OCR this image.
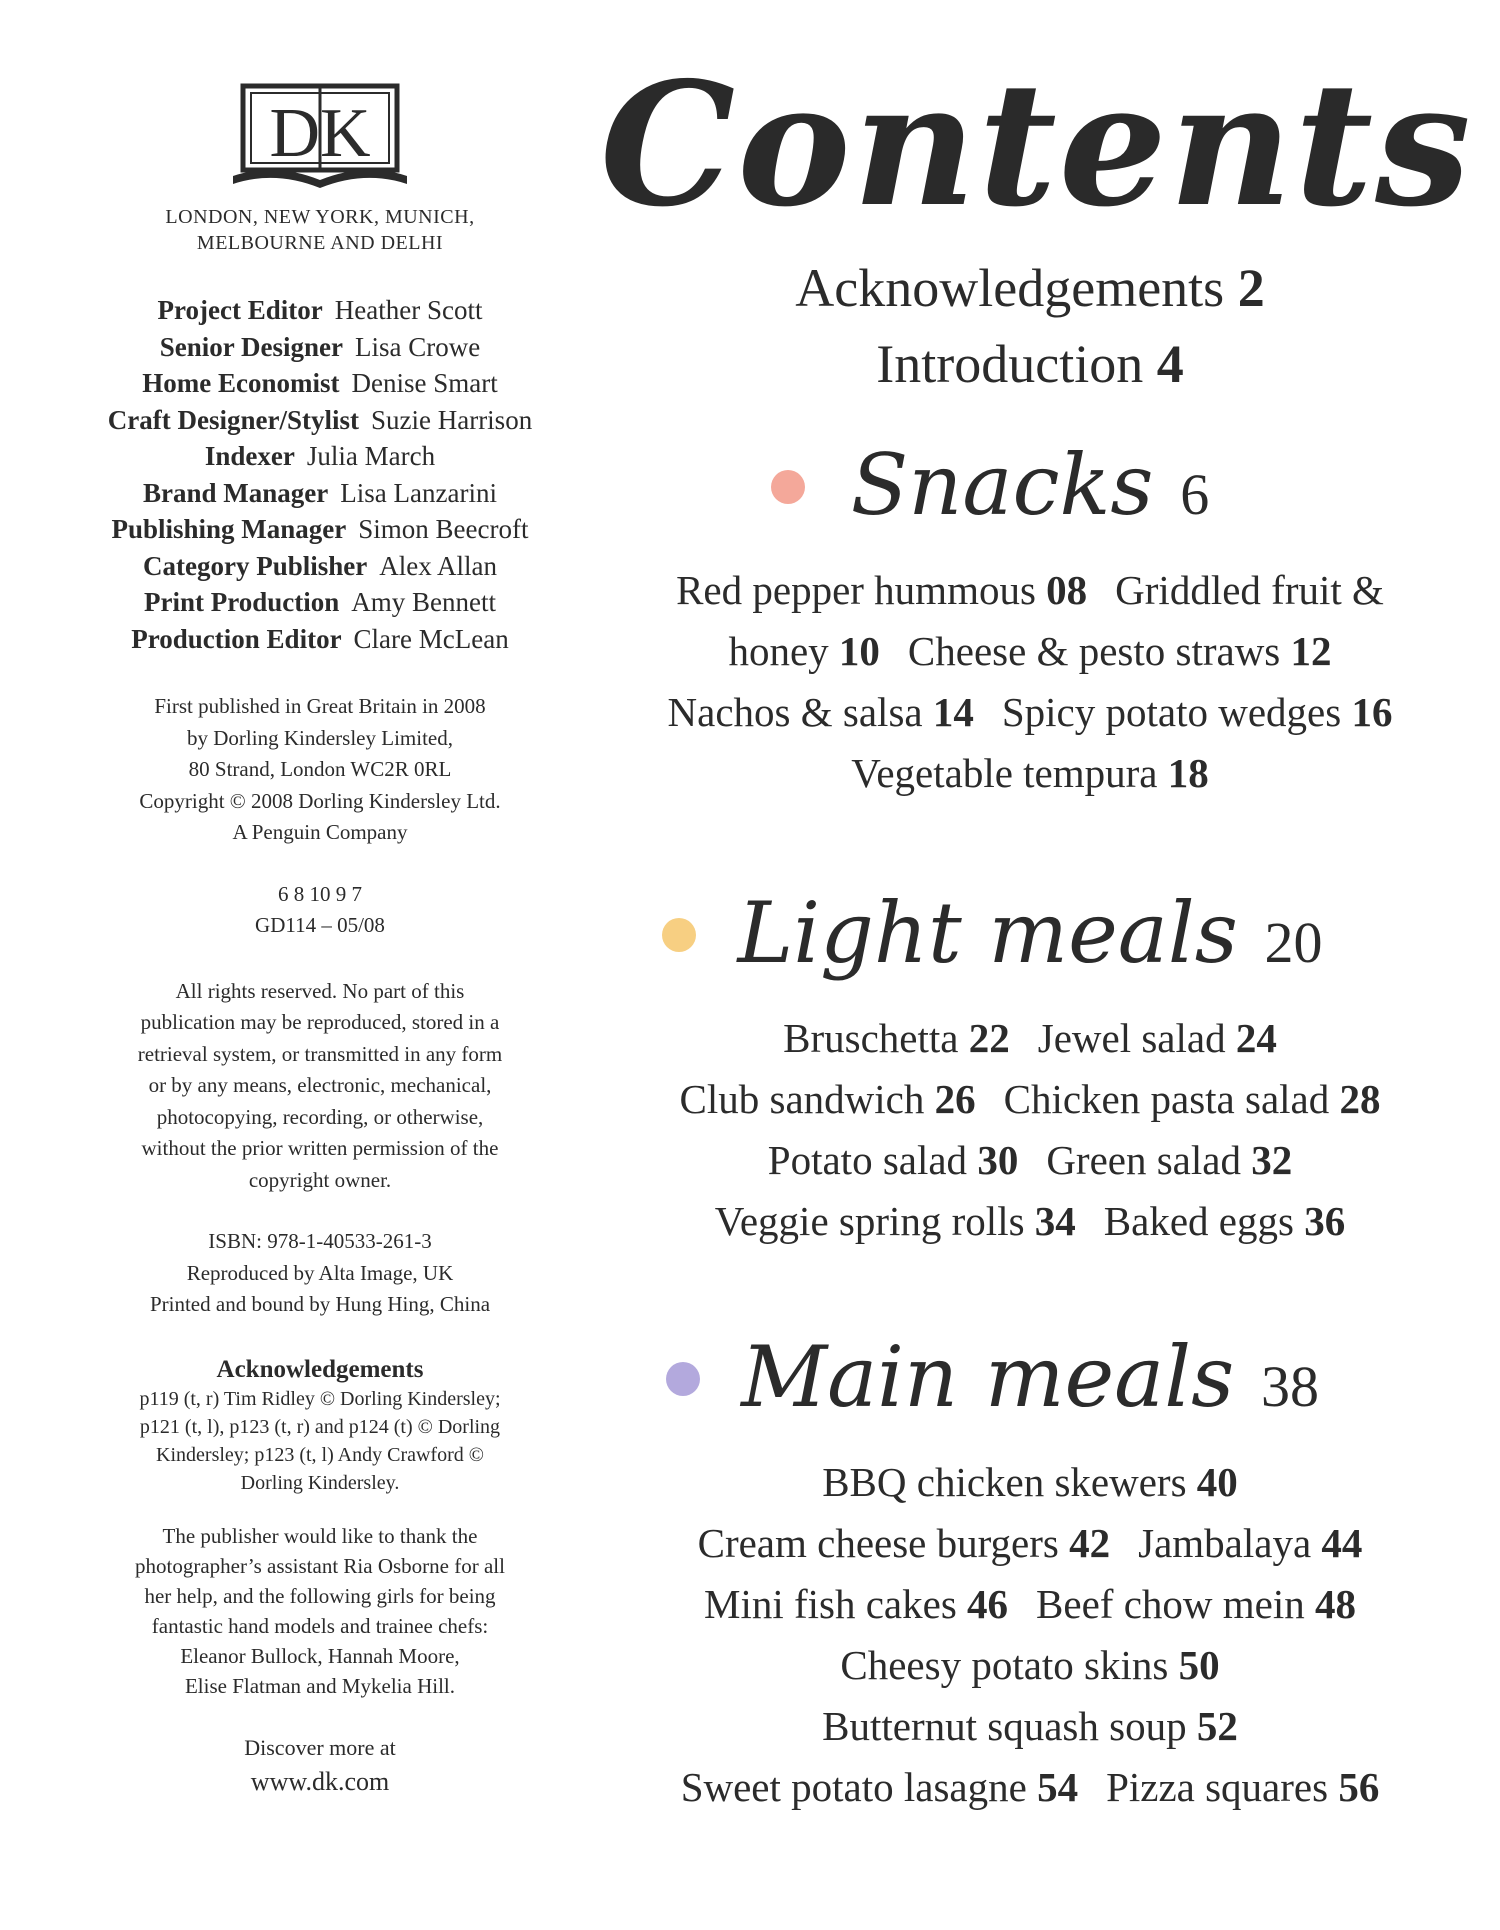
DK
LONDON, NEW YORK, MUNICH,
MELBOURNE AND DELHI
Project Editor Heather Scott
Senior Designer Lisa Crowe
Home Economist Denise Smart
Craft Designer/Stylist Suzie Harrison
Indexer Julia March
Brand Manager Lisa Lanzarini
Publishing Manager Simon Beecroft
Category Publisher Alex Allan
Print Production Amy Bennett
Production Editor Clare McLean
First published in Great Britain in 2008
by Dorling Kindersley Limited,
80 Strand, London WC2R 0RL
Copyright © 2008 Dorling Kindersley Ltd.
A Penguin Company
6 8 10 9 7
GD114 – 05/08
All rights reserved. No part of this
publication may be reproduced, stored in a
retrieval system, or transmitted in any form
or by any means, electronic, mechanical,
photocopying, recording, or otherwise,
without the prior written permission of the
copyright owner.
ISBN: 978-1-40533-261-3
Reproduced by Alta Image, UK
Printed and bound by Hung Hing, China
Acknowledgements
p119 (t, r) Tim Ridley © Dorling Kindersley;
p121 (t, l), p123 (t, r) and p124 (t) © Dorling
Kindersley; p123 (t, l) Andy Crawford ©
Dorling Kindersley.
The publisher would like to thank the
photographer’s assistant Ria Osborne for all
her help, and the following girls for being
fantastic hand models and trainee chefs:
Eleanor Bullock, Hannah Moore,
Elise Flatman and Mykelia Hill.
Discover more at
www.dk.com
Contents
Acknowledgements 2
Introduction 4
Snacks 6
Red pepper hummous 08 Griddled fruit &
honey 10 Cheese & pesto straws 12
Nachos & salsa 14 Spicy potato wedges 16
Vegetable tempura 18
Light meals 20
Bruschetta 22 Jewel salad 24
Club sandwich 26 Chicken pasta salad 28
Potato salad 30 Green salad 32
Veggie spring rolls 34 Baked eggs 36
Main meals 38
BBQ chicken skewers 40
Cream cheese burgers 42 Jambalaya 44
Mini fish cakes 46 Beef chow mein 48
Cheesy potato skins 50
Butternut squash soup 52
Sweet potato lasagne 54 Pizza squares 56
